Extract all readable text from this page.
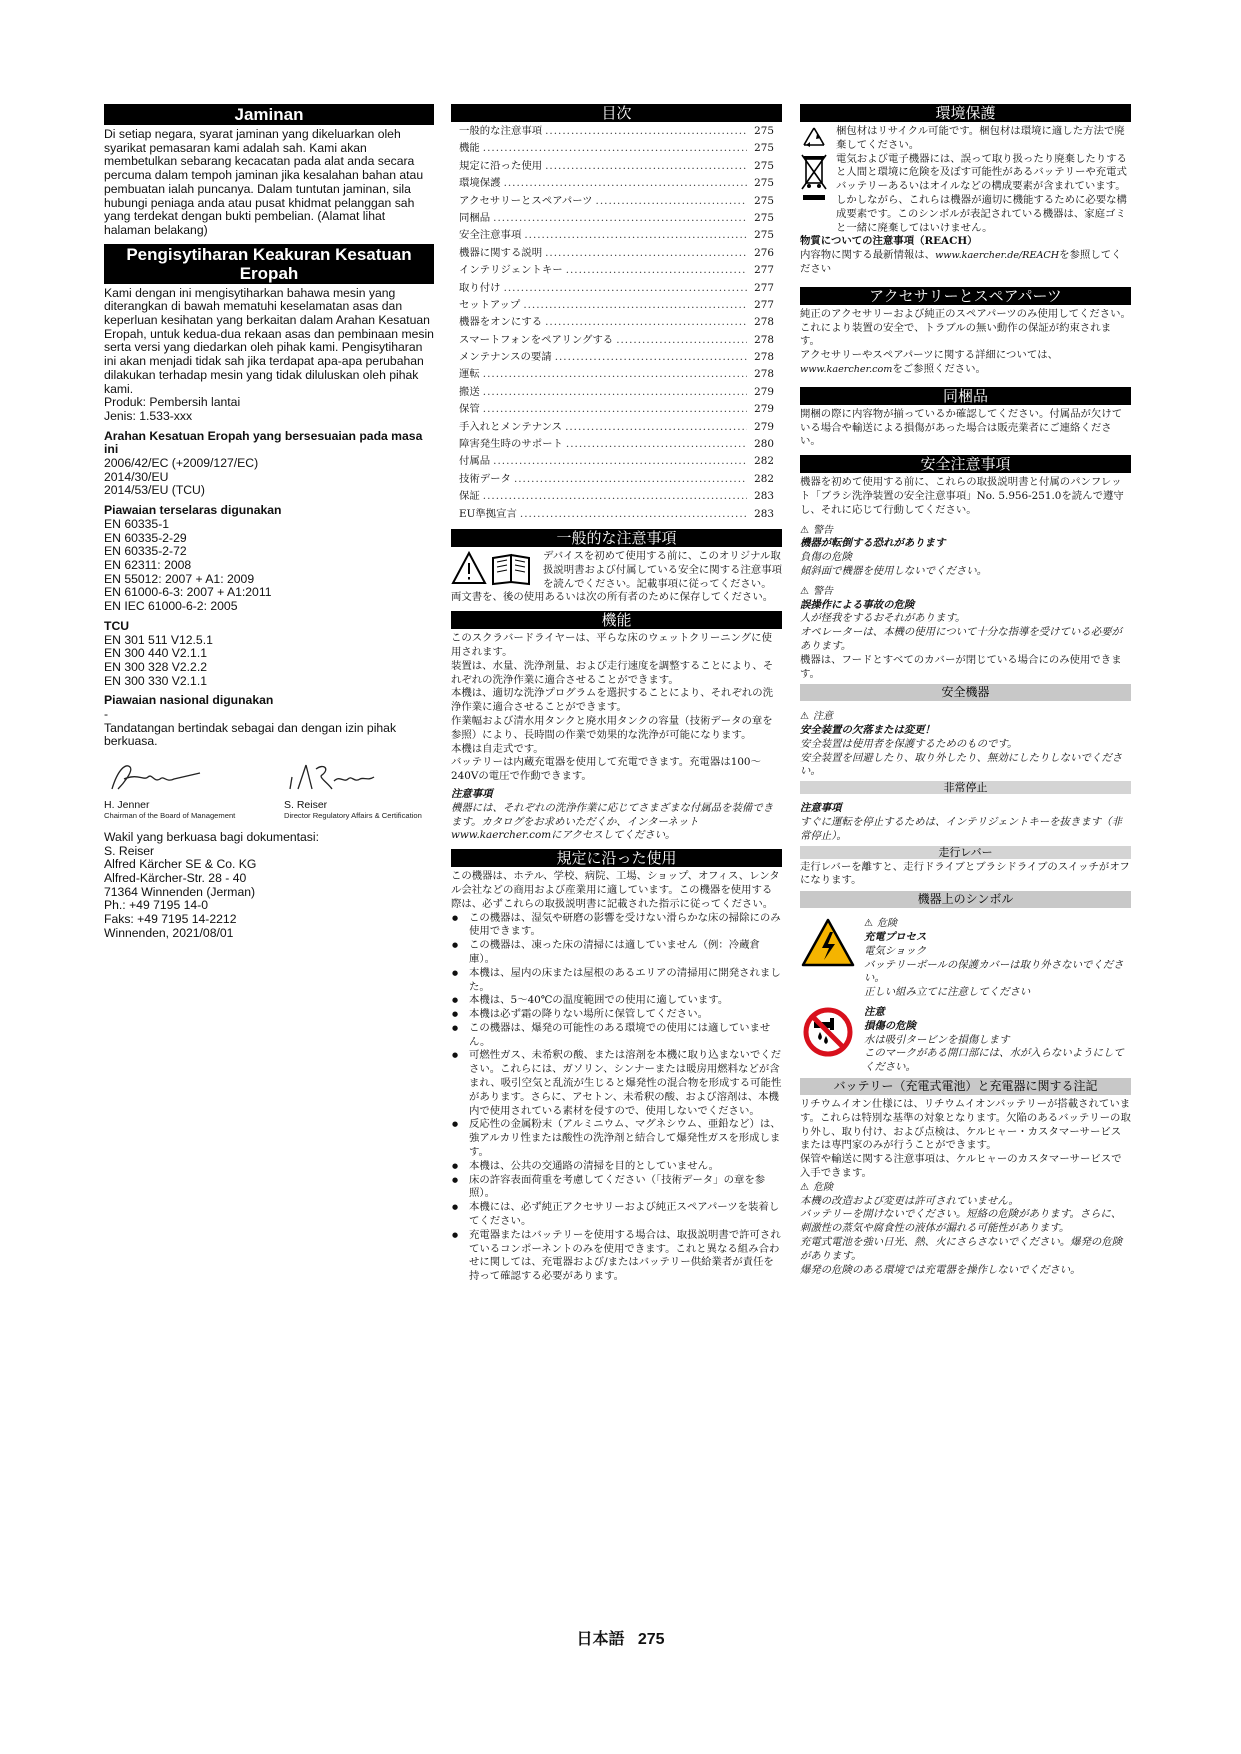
Jaminan

Di setiap negara, syarat jaminan yang dikeluarkan oleh syarikat pemasaran kami adalah sah. Kami akan membetulkan sebarang kecacatan pada alat anda secara percuma dalam tempoh jaminan jika kesalahan bahan atau pembuatan ialah puncanya. Dalam tuntutan jaminan, sila hubungi peniaga anda atau pusat khidmat pelanggan sah yang terdekat dengan bukti pembelian. (Alamat lihat halaman belakang)

Pengisytiharan Keakuran Kesatuan Eropah

Kami dengan ini mengisytiharkan bahawa mesin yang diterangkan di bawah mematuhi keselamatan asas dan keperluan kesihatan yang berkaitan dalam Arahan Kesatuan Eropah, untuk kedua-dua rekaan asas dan pembinaan mesin serta versi yang diedarkan oleh pihak kami. Pengisytiharan ini akan menjadi tidak sah jika terdapat apa-apa perubahan dilakukan terhadap mesin yang tidak diluluskan oleh pihak kami.

Produk: Pembersih lantai

Jenis: 1.533-xxx

Arahan Kesatuan Eropah yang bersesuaian pada masa ini

2006/42/EC (+2009/127/EC)

2014/30/EU

2014/53/EU (TCU)

Piawaian terselaras digunakan

EN 60335-1

EN 60335-2-29

EN 60335-2-72

EN 62311: 2008

EN 55012: 2007 + A1: 2009

EN 61000-6-3: 2007 + A1:2011

EN IEC 61000-6-2: 2005

TCU

EN 301 511 V12.5.1

EN 300 440 V2.1.1

EN 300 328 V2.2.2

EN 300 330 V2.1.1

Piawaian nasional digunakan

-

Tandatangan bertindak sebagai dan dengan izin pihak berkuasa.

H. Jenner
Chairman of the Board of Management
S. Reiser
Director Regulatory Affairs & Certification

Wakil yang berkuasa bagi dokumentasi:

S. Reiser

Alfred Kärcher SE & Co. KG

Alfred-Kärcher-Str. 28 - 40

71364 Winnenden (Jerman)

Ph.: +49 7195 14-0

Faks: +49 7195 14-2212

Winnenden, 2021/08/01

目次
一般的な注意事項 .....	275
機能 .....	275
規定に沿った使用 .....	275
環境保護 .....	275
アクセサリーとスペアパーツ .....	275
同梱品 .....	275
安全注意事項 .....	275
機器に関する説明 .....	276
インテリジェントキー .....	277
取り付け .....	277
セットアップ .....	277
機器をオンにする .....	278
スマートフォンをペアリングする .....	278
メンテナンスの要請 .....	278
運転 .....	278
搬送 .....	279
保管 .....	279
手入れとメンテナンス .....	279
障害発生時のサポート .....	280
付属品 .....	282
技術データ .....	282
保証 .....	283
EU準拠宣言 .....	283
一般的な注意事項

デバイスを初めて使用する前に、このオリジナル取扱説明書および付属している安全に関する注意事項を読んでください。記載事項に従ってください。

両文書を、後の使用あるいは次の所有者のために保存してください。

機能

このスクラバードライヤーは、平らな床のウェットクリーニングに使用されます。

装置は、水量、洗浄剤量、および走行速度を調整することにより、それぞれの洗浄作業に適合させることができます。

本機は、適切な洗浄プログラムを選択することにより、それぞれの洗浄作業に適合させることができます。

作業幅および清水用タンクと廃水用タンクの容量（技術データの章を参照）により、長時間の作業で効果的な洗浄が可能になります。

本機は自走式です。

バッテリーは内蔵充電器を使用して充電できます。充電器は100～240Vの電圧で作動できます。

注意事項

機器には、それぞれの洗浄作業に応じてさまざまな付属品を装備できます。カタログをお求めいただくか、インターネット www.kaercher.comにアクセスしてください。

規定に沿った使用

この機器は、ホテル、学校、病院、工場、ショップ、オフィス、レンタル会社などの商用および産業用に適しています。この機器を使用する際は、必ずこれらの取扱説明書に記載された指示に従ってください。

● この機器は、湿気や研磨の影響を受けない滑らかな床の掃除にのみ使用できます。
● この機器は、凍った床の清掃には適していません（例：冷蔵倉庫）。
● 本機は、屋内の床または屋根のあるエリアの清掃用に開発されました。
● 本機は、5～40℃の温度範囲での使用に適しています。
● 本機は必ず霜の降りない場所に保管してください。
● この機器は、爆発の可能性のある環境での使用には適していません。
● 可燃性ガス、未希釈の酸、または溶剤を本機に取り込まないでください。これらには、ガソリン、シンナーまたは暖房用燃料などが含まれ、吸引空気と乱流が生じると爆発性の混合物を形成する可能性があります。さらに、アセトン、未希釈の酸、および溶剤は、本機内で使用されている素材を侵すので、使用しないでください。
● 反応性の金属粉末（アルミニウム、マグネシウム、亜鉛など）は、強アルカリ性または酸性の洗浄剤と結合して爆発性ガスを形成します。
● 本機は、公共の交通路の清掃を目的としていません。
● 床の許容表面荷重を考慮してください（「技術データ」の章を参照）。
● 本機には、必ず純正アクセサリーおよび純正スペアパーツを装着してください。
● 充電器またはバッテリーを使用する場合は、取扱説明書で許可されているコンポーネントのみを使用できます。これと異なる組み合わせに関しては、充電器および/またはバッテリー供給業者が責任を持って確認する必要があります。
環境保護

梱包材はリサイクル可能です。梱包材は環境に適した方法で廃棄してください。

電気および電子機器には、誤って取り扱ったり廃棄したりすると人間と環境に危険を及ぼす可能性があるバッテリーや充電式バッテリーあるいはオイルなどの構成要素が含まれています。しかしながら、これらは機器が適切に機能するために必要な構成要素です。このシンボルが表記されている機器は、家庭ゴミと一緒に廃棄してはいけません。

物質についての注意事項（REACH）

内容物に関する最新情報は、www.kaercher.de/REACHを参照してください

アクセサリーとスペアパーツ

純正のアクセサリーおよび純正のスペアパーツのみ使用してください。これにより装置の安全で、トラブルの無い動作の保証が約束されます。

アクセサリーやスペアパーツに関する詳細については、www.kaercher.comをご参照ください。

同梱品

開梱の際に内容物が揃っているか確認してください。付属品が欠けている場合や輸送による損傷があった場合は販売業者にご連絡ください。

安全注意事項

機器を初めて使用する前に、これらの取扱説明書と付属のパンフレット「ブラシ洗浄装置の安全注意事項」No. 5.956-251.0を読んで遵守し、それに応じて行動してください。

⚠ 警告

機器が転倒する恐れがあります

負傷の危険

傾斜面で機器を使用しないでください。

⚠ 警告

誤操作による事故の危険

人が怪我をするおそれがあります。

オペレーターは、本機の使用について十分な指導を受けている必要があります。

機器は、フードとすべてのカバーが閉じている場合にのみ使用できます。

安全機器

⚠ 注意

安全装置の欠落または変更！

安全装置は使用者を保護するためのものです。

安全装置を回避したり、取り外したり、無効にしたりしないでください。

非常停止

注意事項

すぐに運転を停止するためは、インテリジェントキーを抜きます（非常停止）。

走行レバー

走行レバーを離すと、走行ドライブとブラシドライブのスイッチがオフになります。

機器上のシンボル

⚠ 危険

充電プロセス

電気ショック

バッテリーボールの保護カバーは取り外さないでください。

正しい組み立てに注意してください

注意

損傷の危険

水は吸引タービンを損傷します

このマークがある開口部には、水が入らないようにしてください。

バッテリー（充電式電池）と充電器に関する注記

リチウムイオン仕様には、リチウムイオンバッテリーが搭載されています。これらは特別な基準の対象となります。欠陥のあるバッテリーの取り外し、取り付け、および点検は、ケルヒャー・カスタマーサービスまたは専門家のみが行うことができます。

保管や輸送に関する注意事項は、ケルヒャーのカスタマーサービスで入手できます。

⚠ 危険

本機の改造および変更は許可されていません。

バッテリーを開けないでください。短絡の危険があります。さらに、刺激性の蒸気や腐食性の液体が漏れる可能性があります。

充電式電池を強い日光、熱、火にさらさないでください。爆発の危険があります。

爆発の危険のある環境では充電器を操作しないでください。

日本語 275
